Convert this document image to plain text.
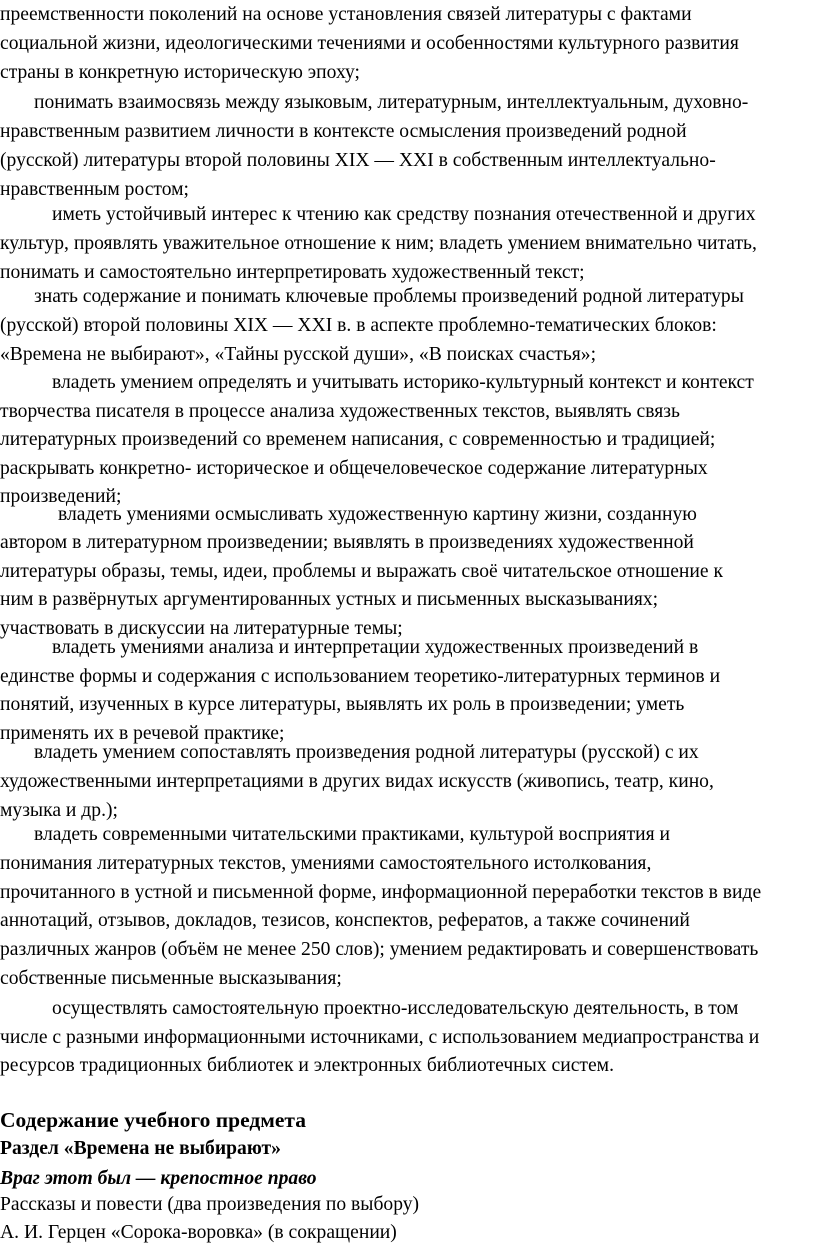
преемственности поколений на основе установления связей литературы с фактами
социальной жизни, идеологическими течениями и особенностями культурного развития
страны в конкретную историческую эпоху;
понимать взаимосвязь между языковым, литературным, интеллектуальным, духовно-
нравственным развитием личности в контексте осмысления произведений родной
(русской) литературы второй половины XIX — XXI в собственным интеллектуально-
нравственным ростом;
иметь устойчивый интерес к чтению как средству познания отечественной и других
культур, проявлять уважительное отношение к ним; владеть умением внимательно читать,
понимать и самостоятельно интерпретировать художественный текст;
знать содержание и понимать ключевые проблемы произведений родной литературы
(русской) второй половины XIX — XXI в. в аспекте проблемно-тематических блоков:
«Времена не выбирают», «Тайны русской души», «В поисках счастья»;
владеть умением определять и учитывать историко-культурный контекст и контекст
творчества писателя в процессе анализа художественных текстов, выявлять связь
литературных произведений со временем написания, с современностью и традицией;
раскрывать конкретно- историческое и общечеловеческое содержание литературных
произведений;
владеть умениями осмысливать художественную картину жизни, созданную
автором в литературном произведении; выявлять в произведениях художественной
литературы образы, темы, идеи, проблемы и выражать своё читательское отношение к
ним в развёрнутых аргументированных устных и письменных высказываниях;
участвовать в дискуссии на литературные темы;
владеть умениями анализа и интерпретации художественных произведений в
единстве формы и содержания с использованием теоретико-литературных терминов и
понятий, изученных в курсе литературы, выявлять их роль в произведении; уметь
применять их в речевой практике;
владеть умением сопоставлять произведения родной литературы (русской) с их
художественными интерпретациями в других видах искусств (живопись, театр, кино,
музыка и др.);
владеть современными читательскими практиками, культурой восприятия и
понимания литературных текстов, умениями самостоятельного истолкования,
прочитанного в устной и письменной форме, информационной переработки текстов в виде
аннотаций, отзывов, докладов, тезисов, конспектов, рефератов, а также сочинений
различных жанров (объём не менее 250 слов); умением редактировать и совершенствовать
собственные письменные высказывания;
осуществлять самостоятельную проектно-исследовательскую деятельность, в том
числе с разными информационными источниками, с использованием медиапространства и
ресурсов традиционных библиотек и электронных библиотечных систем.
Содержание учебного предмета
Раздел «Времена не выбирают»
Враг этот был — крепостное право
Рассказы и повести (два произведения по выбору)
А. И. Герцен «Сорока-воровка» (в сокращении)
